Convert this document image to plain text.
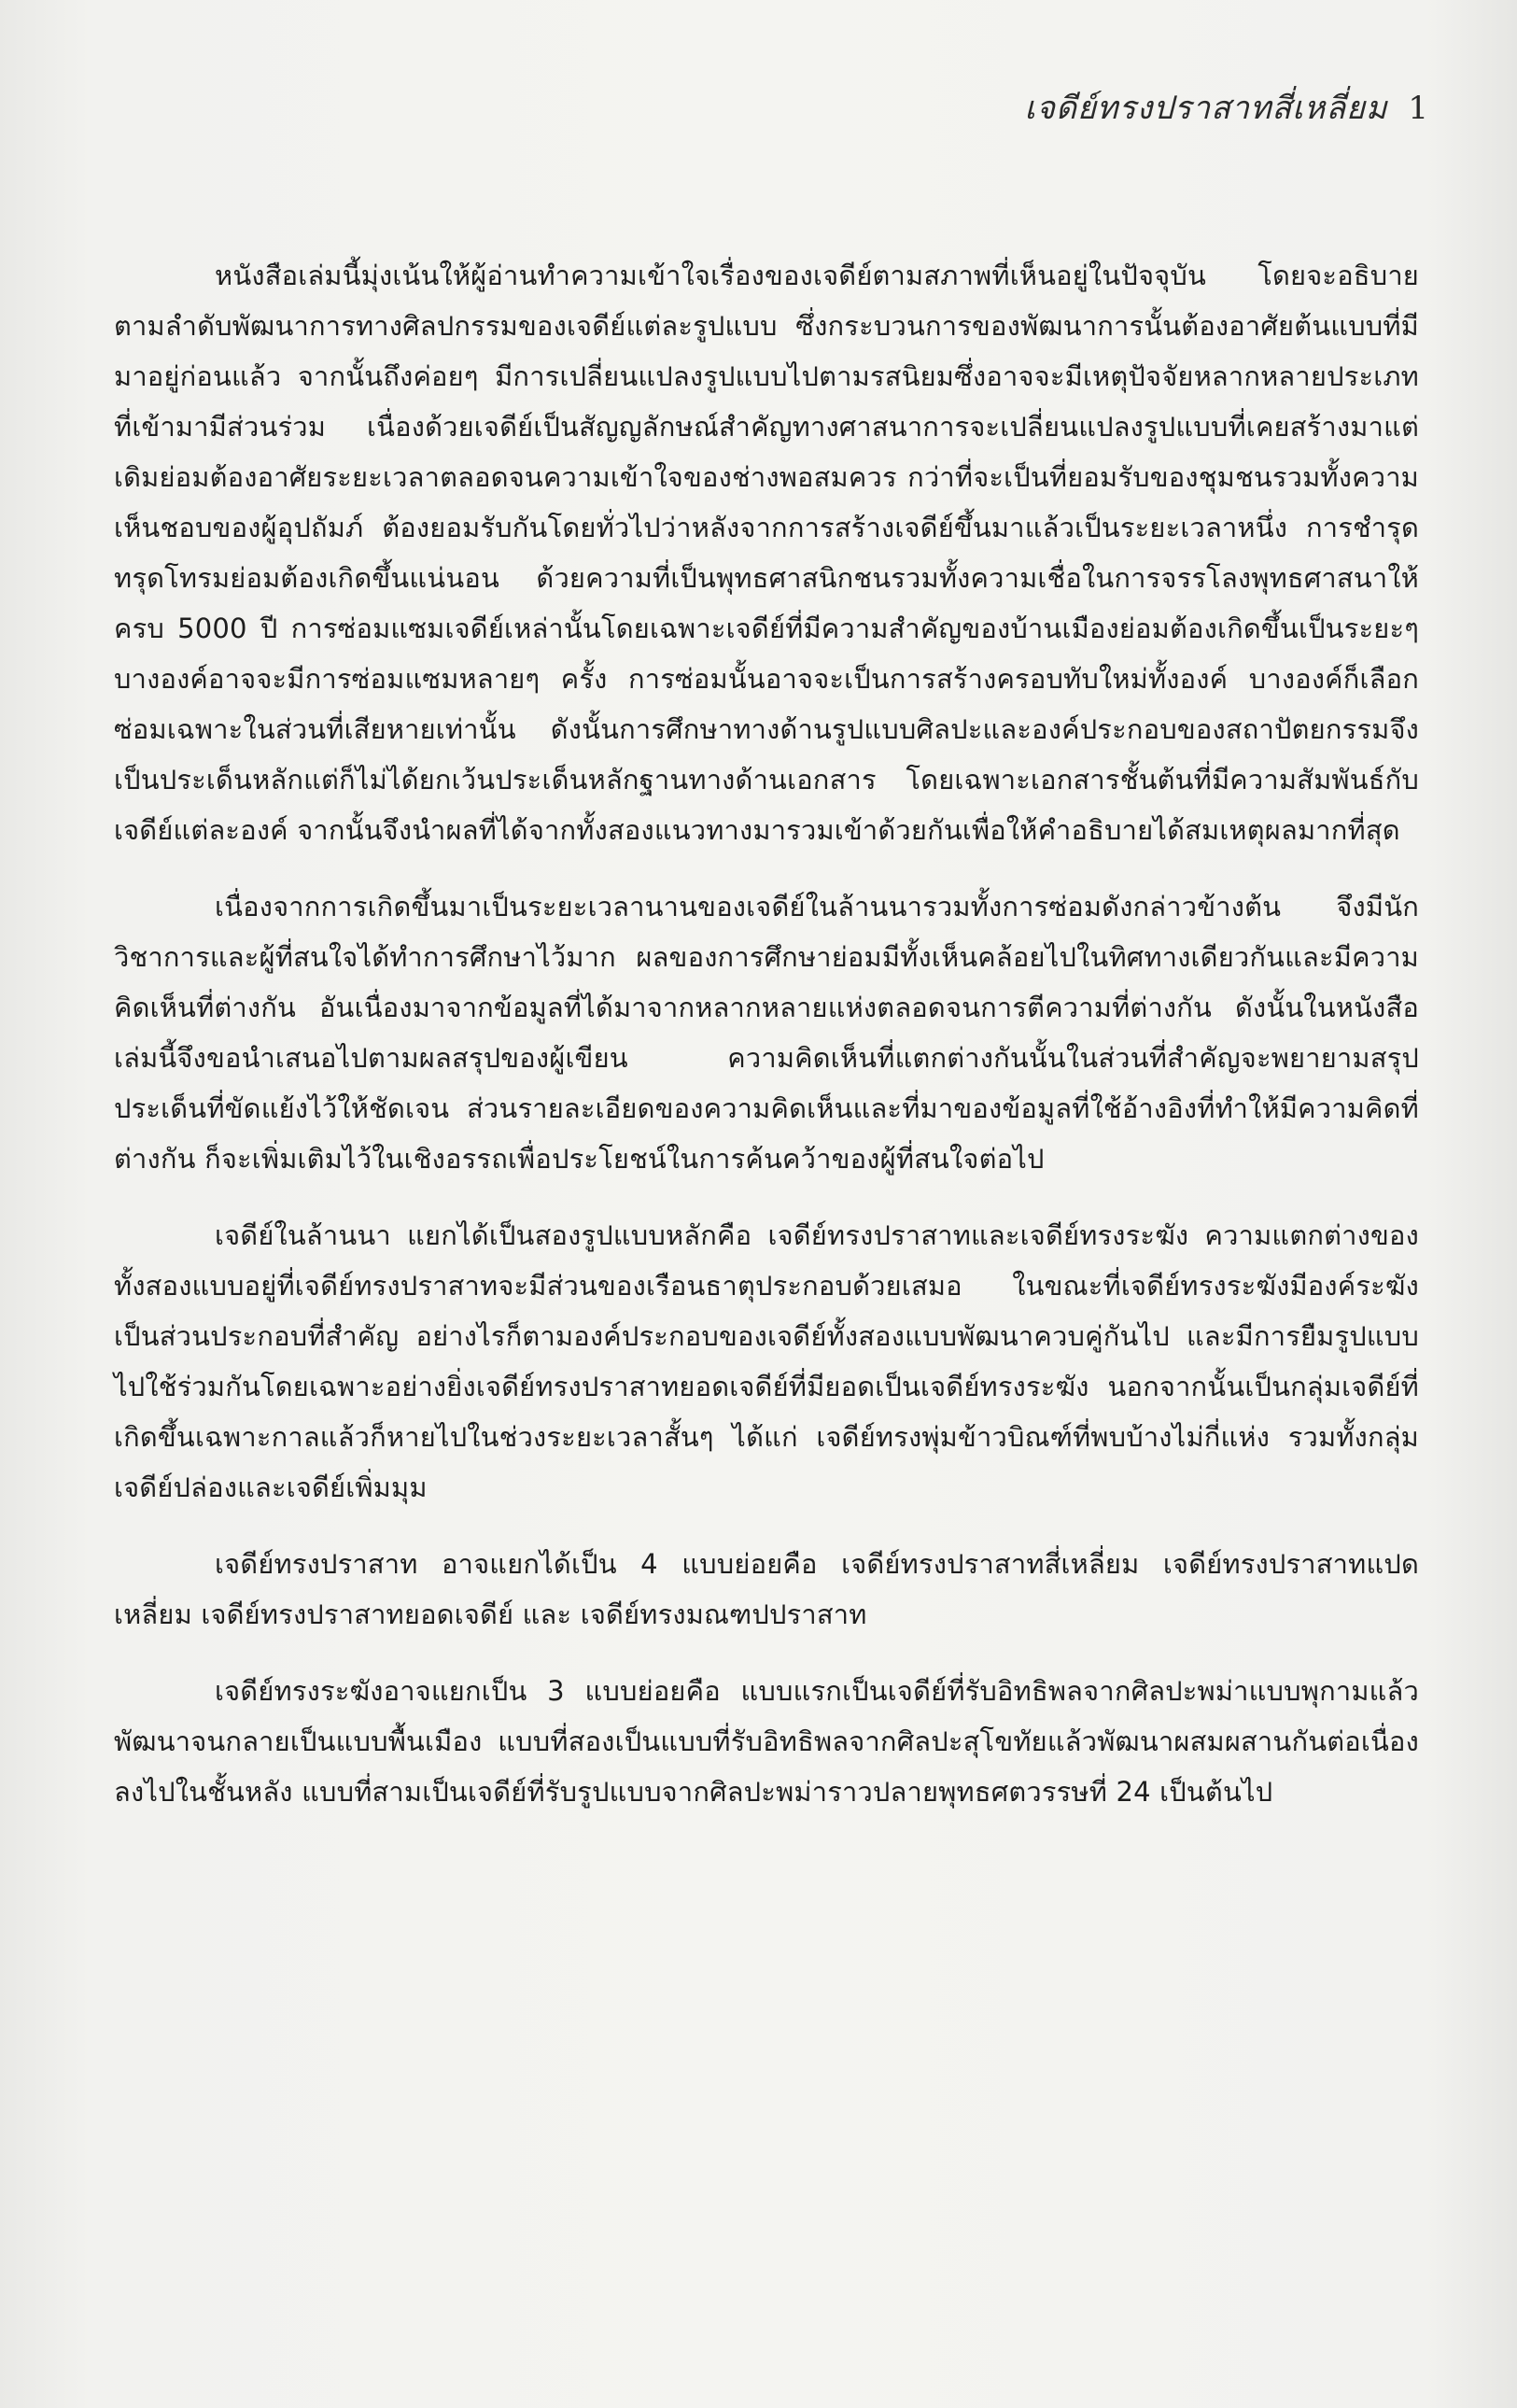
เจดีย์ทรงปราสาทสี่เหลี่ยม 1

หนังสือเล่มนี้มุ่งเน้นให้ผู้อ่านทำความเข้าใจเรื่องของเจดีย์ตามสภาพที่เห็นอยู่ในปัจจุบัน โดยจะอธิบายตามลำดับพัฒนาการทางศิลปกรรมของเจดีย์แต่ละรูปแบบ ซึ่งกระบวนการของพัฒนาการนั้นต้องอาศัยต้นแบบที่มีมาอยู่ก่อนแล้ว จากนั้นถึงค่อยๆ มีการเปลี่ยนแปลงรูปแบบไปตามรสนิยมซึ่งอาจจะมีเหตุปัจจัยหลากหลายประเภทที่เข้ามามีส่วนร่วม เนื่องด้วยเจดีย์เป็นสัญญลักษณ์สำคัญทางศาสนาการจะเปลี่ยนแปลงรูปแบบที่เคยสร้างมาแต่เดิมย่อมต้องอาศัยระยะเวลาตลอดจนความเข้าใจของช่างพอสมควร กว่าที่จะเป็นที่ยอมรับของชุมชนรวมทั้งความเห็นชอบของผู้อุปถัมภ์ ต้องยอมรับกันโดยทั่วไปว่าหลังจากการสร้างเจดีย์ขึ้นมาแล้วเป็นระยะเวลาหนึ่ง การชำรุดทรุดโทรมย่อมต้องเกิดขึ้นแน่นอน ด้วยความที่เป็นพุทธศาสนิกชนรวมทั้งความเชื่อในการจรรโลงพุทธศาสนาให้ครบ 5000 ปี การซ่อมแซมเจดีย์เหล่านั้นโดยเฉพาะเจดีย์ที่มีความสำคัญของบ้านเมืองย่อมต้องเกิดขึ้นเป็นระยะๆ บางองค์อาจจะมีการซ่อมแซมหลายๆ ครั้ง การซ่อมนั้นอาจจะเป็นการสร้างครอบทับใหม่ทั้งองค์ บางองค์ก็เลือกซ่อมเฉพาะในส่วนที่เสียหายเท่านั้น ดังนั้นการศึกษาทางด้านรูปแบบศิลปะและองค์ประกอบของสถาปัตยกรรมจึงเป็นประเด็นหลักแต่ก็ไม่ได้ยกเว้นประเด็นหลักฐานทางด้านเอกสาร โดยเฉพาะเอกสารชั้นต้นที่มีความสัมพันธ์กับเจดีย์แต่ละองค์ จากนั้นจึงนำผลที่ได้จากทั้งสองแนวทางมารวมเข้าด้วยกันเพื่อให้คำอธิบายได้สมเหตุผลมากที่สุด

เนื่องจากการเกิดขึ้นมาเป็นระยะเวลานานของเจดีย์ในล้านนารวมทั้งการซ่อมดังกล่าวข้างต้น จึงมีนักวิชาการและผู้ที่สนใจได้ทำการศึกษาไว้มาก ผลของการศึกษาย่อมมีทั้งเห็นคล้อยไปในทิศทางเดียวกันและมีความคิดเห็นที่ต่างกัน อันเนื่องมาจากข้อมูลที่ได้มาจากหลากหลายแห่งตลอดจนการตีความที่ต่างกัน ดังนั้นในหนังสือเล่มนี้จึงขอนำเสนอไปตามผลสรุปของผู้เขียน ความคิดเห็นที่แตกต่างกันนั้นในส่วนที่สำคัญจะพยายามสรุปประเด็นที่ขัดแย้งไว้ให้ชัดเจน ส่วนรายละเอียดของความคิดเห็นและที่มาของข้อมูลที่ใช้อ้างอิงที่ทำให้มีความคิดที่ต่างกัน ก็จะเพิ่มเติมไว้ในเชิงอรรถเพื่อประโยชน์ในการค้นคว้าของผู้ที่สนใจต่อไป

เจดีย์ในล้านนา แยกได้เป็นสองรูปแบบหลักคือ เจดีย์ทรงปราสาทและเจดีย์ทรงระฆัง ความแตกต่างของทั้งสองแบบอยู่ที่เจดีย์ทรงปราสาทจะมีส่วนของเรือนธาตุประกอบด้วยเสมอ ในขณะที่เจดีย์ทรงระฆังมีองค์ระฆังเป็นส่วนประกอบที่สำคัญ อย่างไรก็ตามองค์ประกอบของเจดีย์ทั้งสองแบบพัฒนาควบคู่กันไป และมีการยืมรูปแบบไปใช้ร่วมกันโดยเฉพาะอย่างยิ่งเจดีย์ทรงปราสาทยอดเจดีย์ที่มียอดเป็นเจดีย์ทรงระฆัง นอกจากนั้นเป็นกลุ่มเจดีย์ที่เกิดขึ้นเฉพาะกาลแล้วก็หายไปในช่วงระยะเวลาสั้นๆ ได้แก่ เจดีย์ทรงพุ่มข้าวบิณฑ์ที่พบบ้างไม่กี่แห่ง รวมทั้งกลุ่มเจดีย์ปล่องและเจดีย์เพิ่มมุม

เจดีย์ทรงปราสาท อาจแยกได้เป็น 4 แบบย่อยคือ เจดีย์ทรงปราสาทสี่เหลี่ยม เจดีย์ทรงปราสาทแปดเหลี่ยม เจดีย์ทรงปราสาทยอดเจดีย์ และ เจดีย์ทรงมณฑปปราสาท

เจดีย์ทรงระฆังอาจแยกเป็น 3 แบบย่อยคือ แบบแรกเป็นเจดีย์ที่รับอิทธิพลจากศิลปะพม่าแบบพุกามแล้วพัฒนาจนกลายเป็นแบบพื้นเมือง แบบที่สองเป็นแบบที่รับอิทธิพลจากศิลปะสุโขทัยแล้วพัฒนาผสมผสานกันต่อเนื่องลงไปในชั้นหลัง แบบที่สามเป็นเจดีย์ที่รับรูปแบบจากศิลปะพม่าราวปลายพุทธศตวรรษที่ 24 เป็นต้นไป
